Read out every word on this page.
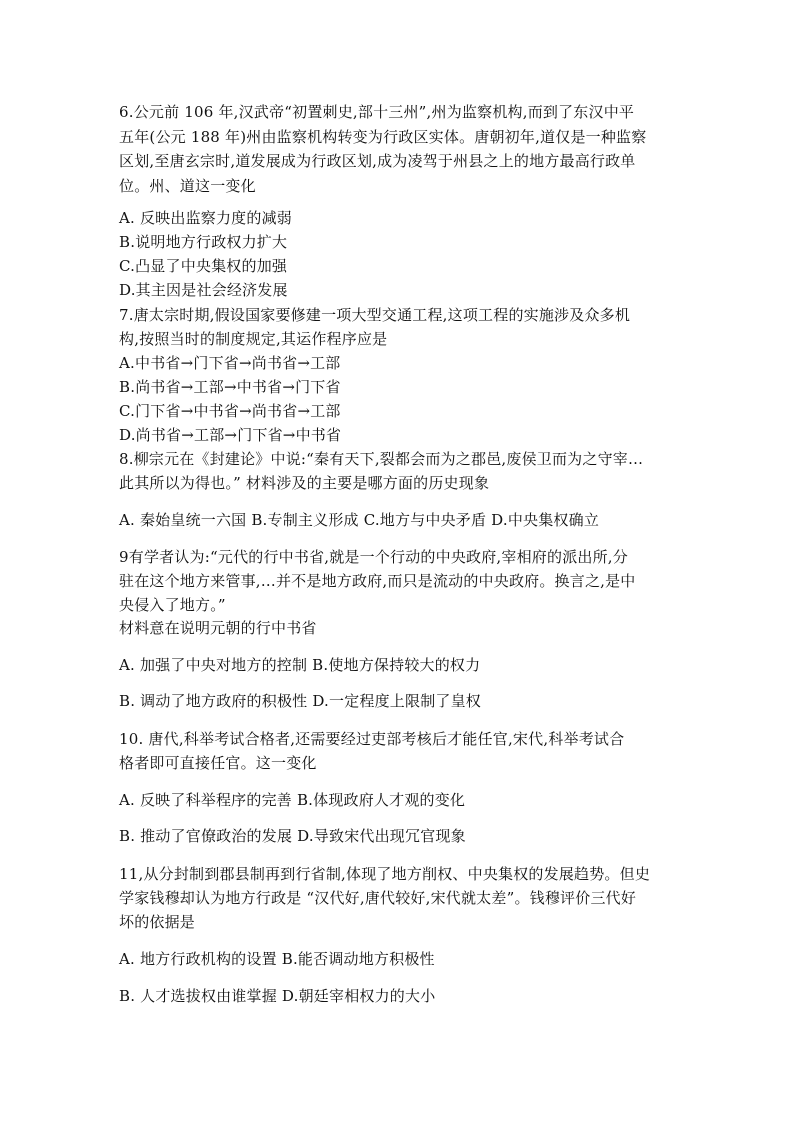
6.公元前 106 年,汉武帝“初置刺史,部十三州”,州为监察机构,而到了东汉中平
五年(公元 188 年)州由监察机构转变为行政区实体。唐朝初年,道仅是一种监察
区划,至唐玄宗时,道发展成为行政区划,成为凌驾于州县之上的地方最高行政单
位。州、道这一变化
A. 反映出监察力度的减弱
B.说明地方行政权力扩大
C.凸显了中央集权的加强
D.其主因是社会经济发展
7.唐太宗时期,假设国家要修建一项大型交通工程,这项工程的实施涉及众多机
构,按照当时的制度规定,其运作程序应是
A.中书省→门下省→尚书省→工部
B.尚书省→工部→中书省→门下省
C.门下省→中书省→尚书省→工部
D.尚书省→工部→门下省→中书省
8.柳宗元在《封建论》中说:“秦有天下,裂都会而为之郡邑,废侯卫而为之守宰…
此其所以为得也。” 材料涉及的主要是哪方面的历史现象
A. 秦始皇统一六国 B.专制主义形成 C.地方与中央矛盾 D.中央集权确立
9有学者认为:“元代的行中书省,就是一个行动的中央政府,宰相府的派出所,分
驻在这个地方来管事,…并不是地方政府,而只是流动的中央政府。换言之,是中
央侵入了地方。”
材料意在说明元朝的行中书省
A. 加强了中央对地方的控制 B.使地方保持较大的权力
B. 调动了地方政府的积极性 D.一定程度上限制了皇权
10. 唐代,科举考试合格者,还需要经过吏部考核后才能任官,宋代,科举考试合
格者即可直接任官。这一变化
A. 反映了科举程序的完善 B.体现政府人才观的变化
B. 推动了官僚政治的发展 D.导致宋代出现冗官现象
11,从分封制到郡县制再到行省制,体现了地方削权、中央集权的发展趋势。但史
学家钱穆却认为地方行政是 “汉代好,唐代较好,宋代就太差”。钱穆评价三代好
坏的依据是
A. 地方行政机构的设置 B.能否调动地方积极性
B. 人才选拔权由谁掌握 D.朝廷宰相权力的大小
